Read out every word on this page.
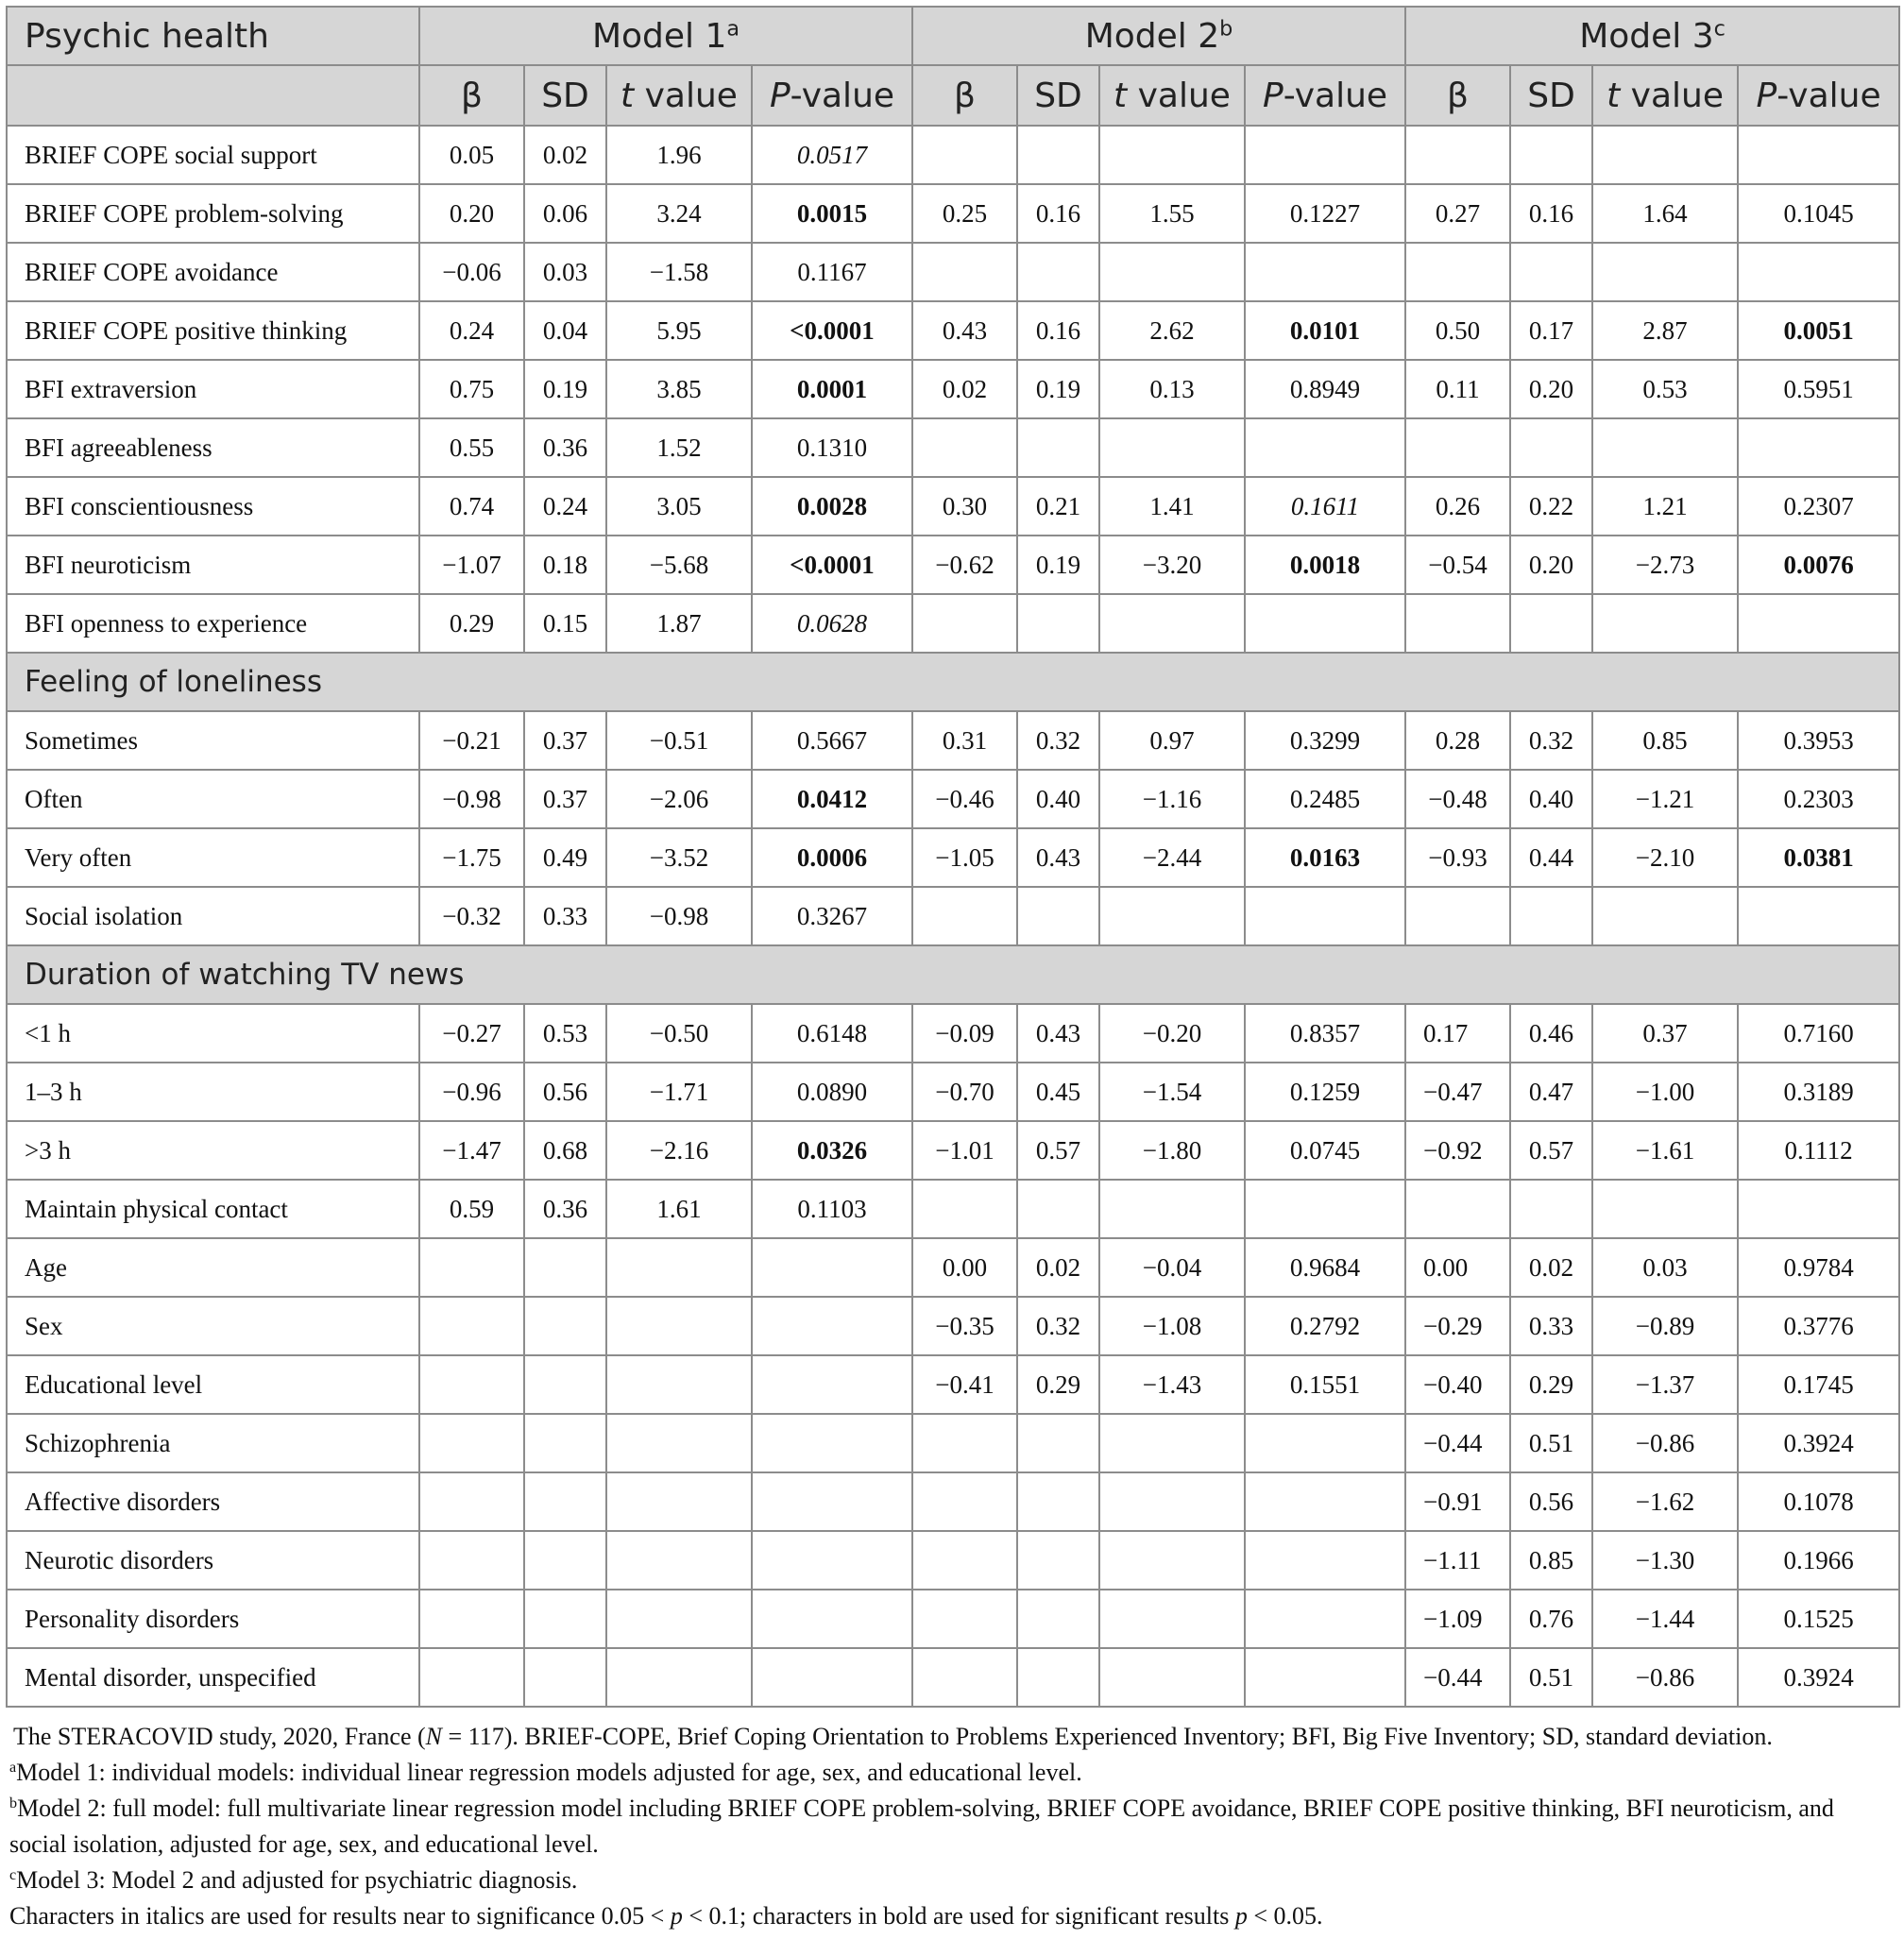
Psychic health	Model 1$^a$				Model 2$^b$				Model 3$^c$
	β	SD	t value	P-value	β	SD	t value	P-value	β	SD	t value	P-value
BRIEF COPE social support	0.05	0.02	1.96	0.0517								
BRIEF COPE problem-solving	0.20	0.06	3.24	0.0015	0.25	0.16	1.55	0.1227	0.27	0.16	1.64	0.1045
BRIEF COPE avoidance	−0.06	0.03	−1.58	0.1167								
BRIEF COPE positive thinking	0.24	0.04	5.95	<0.0001	0.43	0.16	2.62	0.0101	0.50	0.17	2.87	0.0051
BFI extraversion	0.75	0.19	3.85	0.0001	0.02	0.19	0.13	0.8949	0.11	0.20	0.53	0.5951
BFI agreeableness	0.55	0.36	1.52	0.1310								
BFI conscientiousness	0.74	0.24	3.05	0.0028	0.30	0.21	1.41	0.1611	0.26	0.22	1.21	0.2307
BFI neuroticism	−1.07	0.18	−5.68	<0.0001	−0.62	0.19	−3.20	0.0018	−0.54	0.20	−2.73	0.0076
BFI openness to experience	0.29	0.15	1.87	0.0628								
Feeling of loneliness												
Sometimes	−0.21	0.37	−0.51	0.5667	0.31	0.32	0.97	0.3299	0.28	0.32	0.85	0.3953
Often	−0.98	0.37	−2.06	0.0412	−0.46	0.40	−1.16	0.2485	−0.48	0.40	−1.21	0.2303
Very often	−1.75	0.49	−3.52	0.0006	−1.05	0.43	−2.44	0.0163	−0.93	0.44	−2.10	0.0381
Social isolation	−0.32	0.33	−0.98	0.3267								
Duration of watching TV news												
<1 h	−0.27	0.53	−0.50	0.6148	−0.09	0.43	−0.20	0.8357	0.17	0.46	0.37	0.7160
1–3 h	−0.96	0.56	−1.71	0.0890	−0.70	0.45	−1.54	0.1259	−0.47	0.47	−1.00	0.3189
>3 h	−1.47	0.68	−2.16	0.0326	−1.01	0.57	−1.80	0.0745	−0.92	0.57	−1.61	0.1112
Maintain physical contact	0.59	0.36	1.61	0.1103								
Age					0.00	0.02	−0.04	0.9684	0.00	0.02	0.03	0.9784
Sex					−0.35	0.32	−1.08	0.2792	−0.29	0.33	−0.89	0.3776
Educational level					−0.41	0.29	−1.43	0.1551	−0.40	0.29	−1.37	0.1745
Schizophrenia									−0.44	0.51	−0.86	0.3924
Affective disorders									−0.91	0.56	−1.62	0.1078
Neurotic disorders									−1.11	0.85	−1.30	0.1966
Personality disorders									−1.09	0.76	−1.44	0.1525
Mental disorder, unspecified									−0.44	0.51	−0.86	0.3924

The STERACOVID study, 2020, France (N = 117). BRIEF-COPE, Brief Coping Orientation to Problems Experienced Inventory; BFI, Big Five Inventory; SD, standard deviation.

$^a$Model 1: individual models: individual linear regression models adjusted for age, sex, and educational level.

$^b$Model 2: full model: full multivariate linear regression model including BRIEF COPE problem-solving, BRIEF COPE avoidance, BRIEF COPE positive thinking, BFI neuroticism, and

social isolation, adjusted for age, sex, and educational level.

$^c$Model 3: Model 2 and adjusted for psychiatric diagnosis.

Characters in italics are used for results near to significance 0.05 < p < 0.1; characters in bold are used for significant results p < 0.05.
